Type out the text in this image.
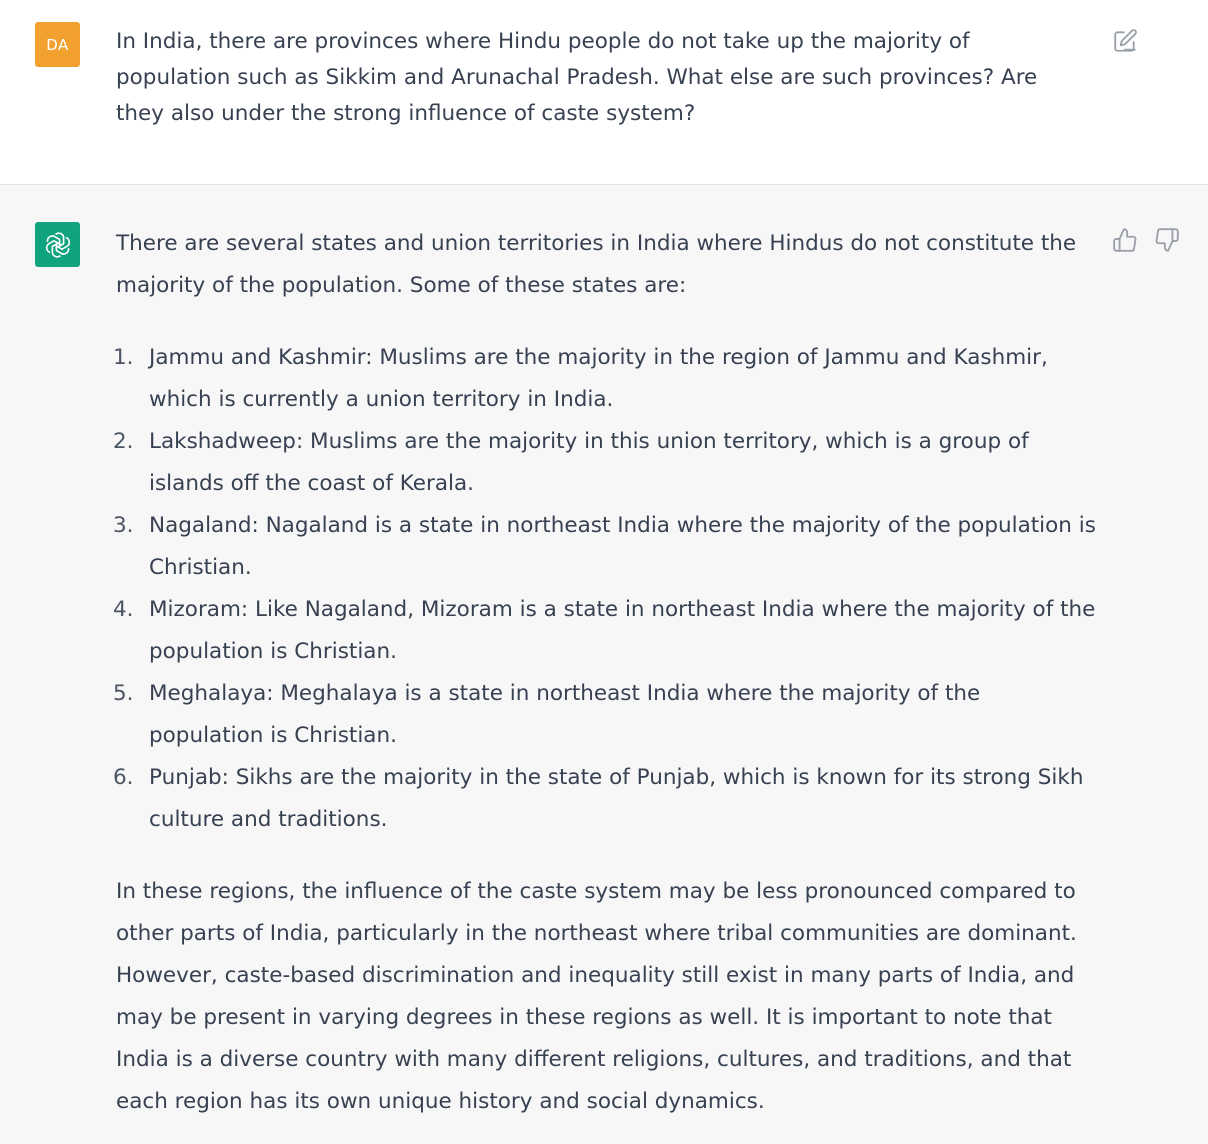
DA	In India, there are provinces where Hindu people do not take up the majority of population such as Sikkim and Arunachal Pradesh. What else are such provinces? Are they also under the strong influence of caste system?

There are several states and union territories in India where Hindus do not constitute the majority of the population. Some of these states are:

1. Jammu and Kashmir: Muslims are the majority in the region of Jammu and Kashmir, which is currently a union territory in India.
2. Lakshadweep: Muslims are the majority in this union territory, which is a group of islands off the coast of Kerala.
3. Nagaland: Nagaland is a state in northeast India where the majority of the population is Christian.
4. Mizoram: Like Nagaland, Mizoram is a state in northeast India where the majority of the population is Christian.
5. Meghalaya: Meghalaya is a state in northeast India where the majority of the population is Christian.
6. Punjab: Sikhs are the majority in the state of Punjab, which is known for its strong Sikh culture and traditions.

In these regions, the influence of the caste system may be less pronounced compared to other parts of India, particularly in the northeast where tribal communities are dominant. However, caste-based discrimination and inequality still exist in many parts of India, and may be present in varying degrees in these regions as well. It is important to note that India is a diverse country with many different religions, cultures, and traditions, and that each region has its own unique history and social dynamics.
